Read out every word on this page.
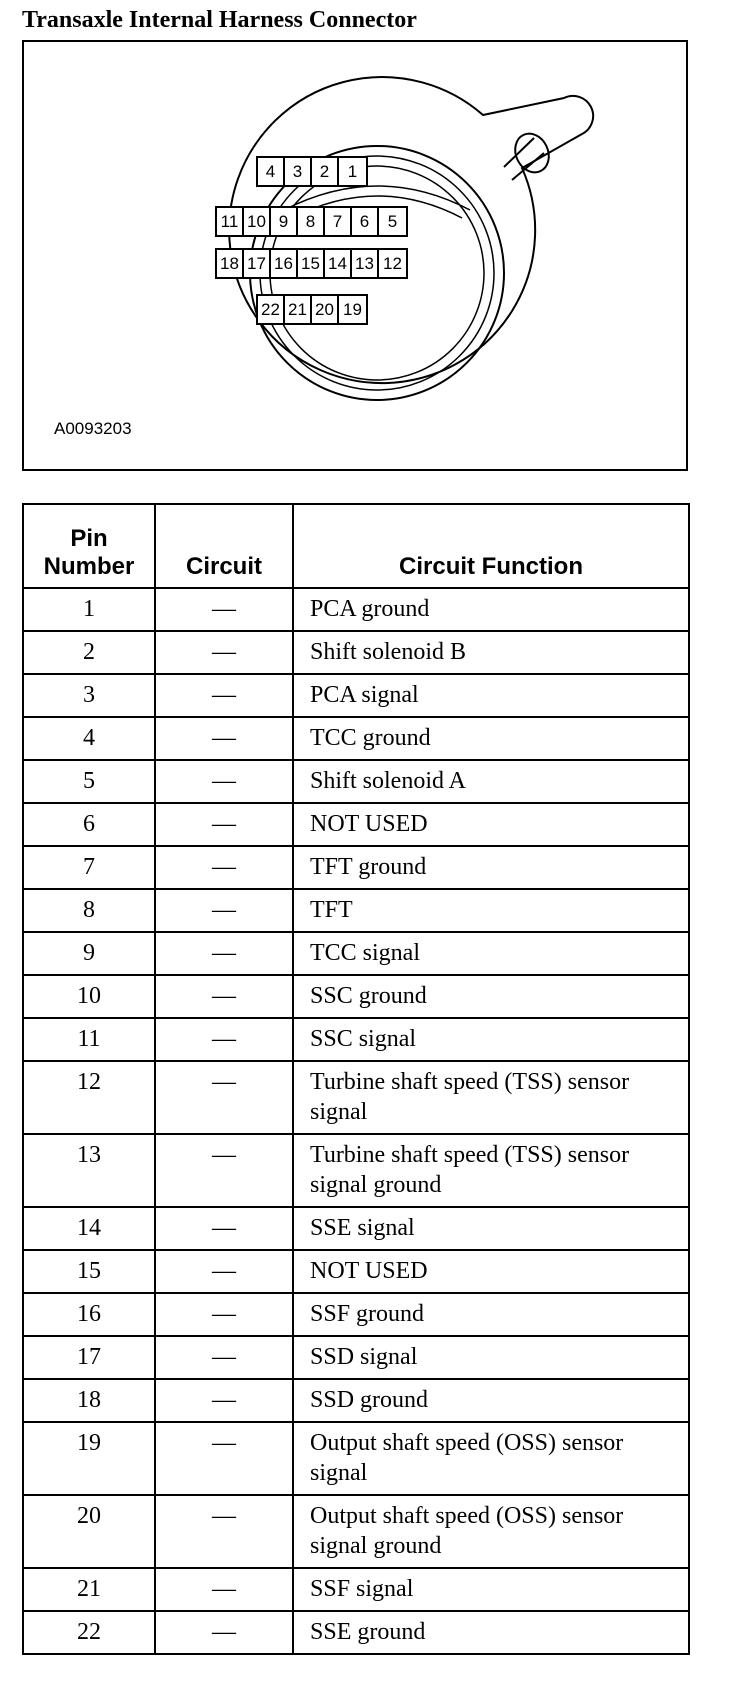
Transaxle Internal Harness Connector
4	3	2	1
11 10 9	8	7	6	5
18 17 16 15 14 13 12
22 21 20 19
A0093203
Pin
Number	Circuit	Circuit Function
1	—	PCA ground
2	—	Shift solenoid B
3	—	PCA signal
4	—	TCC ground
5	—	Shift solenoid A
6	—	NOT USED
7	—	TFT ground
8	—	TFT
9	—	TCC signal
10	—	SSC ground
11	—	SSC signal
12	—	Turbine shaft speed (TSS) sensor signal
13	—	Turbine shaft speed (TSS) sensor signal ground
14	—	SSE signal
15	—	NOT USED
16	—	SSF ground
17	—	SSD signal
18	—	SSD ground
19	—	Output shaft speed (OSS) sensor signal
20	—	Output shaft speed (OSS) sensor signal ground
21	—	SSF signal
22	—	SSE ground
